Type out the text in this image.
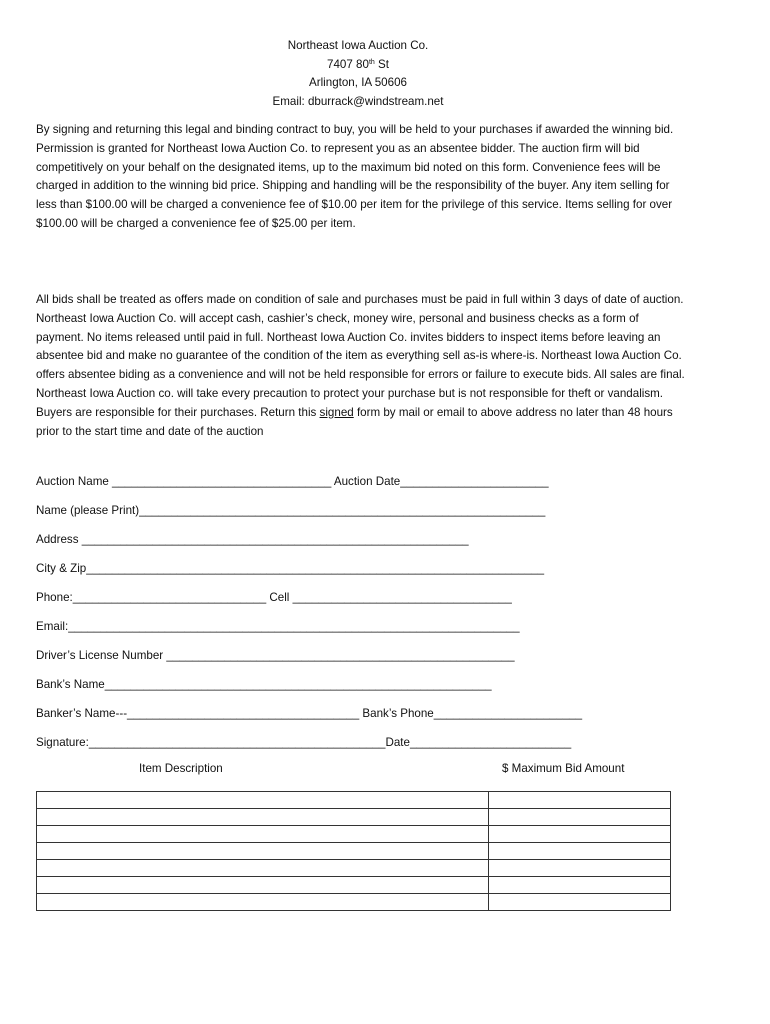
Northeast Iowa Auction Co.
7407 80th St
Arlington, IA 50606
Email: dburrack@windstream.net

By signing and returning this legal and binding contract to buy, you will be held to your purchases if awarded the winning bid. Permission is granted for Northeast Iowa Auction Co. to represent you as an absentee bidder. The auction firm will bid competitively on your behalf on the designated items, up to the maximum bid noted on this form. Convenience fees will be charged in addition to the winning bid price. Shipping and handling will be the responsibility of the buyer. Any item selling for less than $100.00 will be charged a convenience fee of $10.00 per item for the privilege of this service. Items selling for over $100.00 will be charged a convenience fee of $25.00 per item.

All bids shall be treated as offers made on condition of sale and purchases must be paid in full within 3 days of date of auction. Northeast Iowa Auction Co. will accept cash, cashier’s check, money wire, personal and business checks as a form of payment. No items released until paid in full. Northeast Iowa Auction Co. invites bidders to inspect items before leaving an absentee bid and make no guarantee of the condition of the item as everything sell as-is where-is. Northeast Iowa Auction Co. offers absentee biding as a convenience and will not be held responsible for errors or failure to execute bids. All sales are final. Northeast Iowa Auction co. will take every precaution to protect your purchase but is not responsible for theft or vandalism. Buyers are responsible for their purchases. Return this signed form by mail or email to above address no later than 48 hours prior to the start time and date of the auction

Auction Name __________________________________ Auction Date_______________________
Name (please Print)_______________________________________________________________
Address ____________________________________________________________
City & Zip_______________________________________________________________________
Phone:______________________________ Cell __________________________________
Email:______________________________________________________________________
Driver’s License Number ______________________________________________________
Bank’s Name____________________________________________________________
Banker’s Name---____________________________________ Bank’s Phone_______________________
Signature:______________________________________________Date_________________________
Item Description	$ Maximum Bid Amount
